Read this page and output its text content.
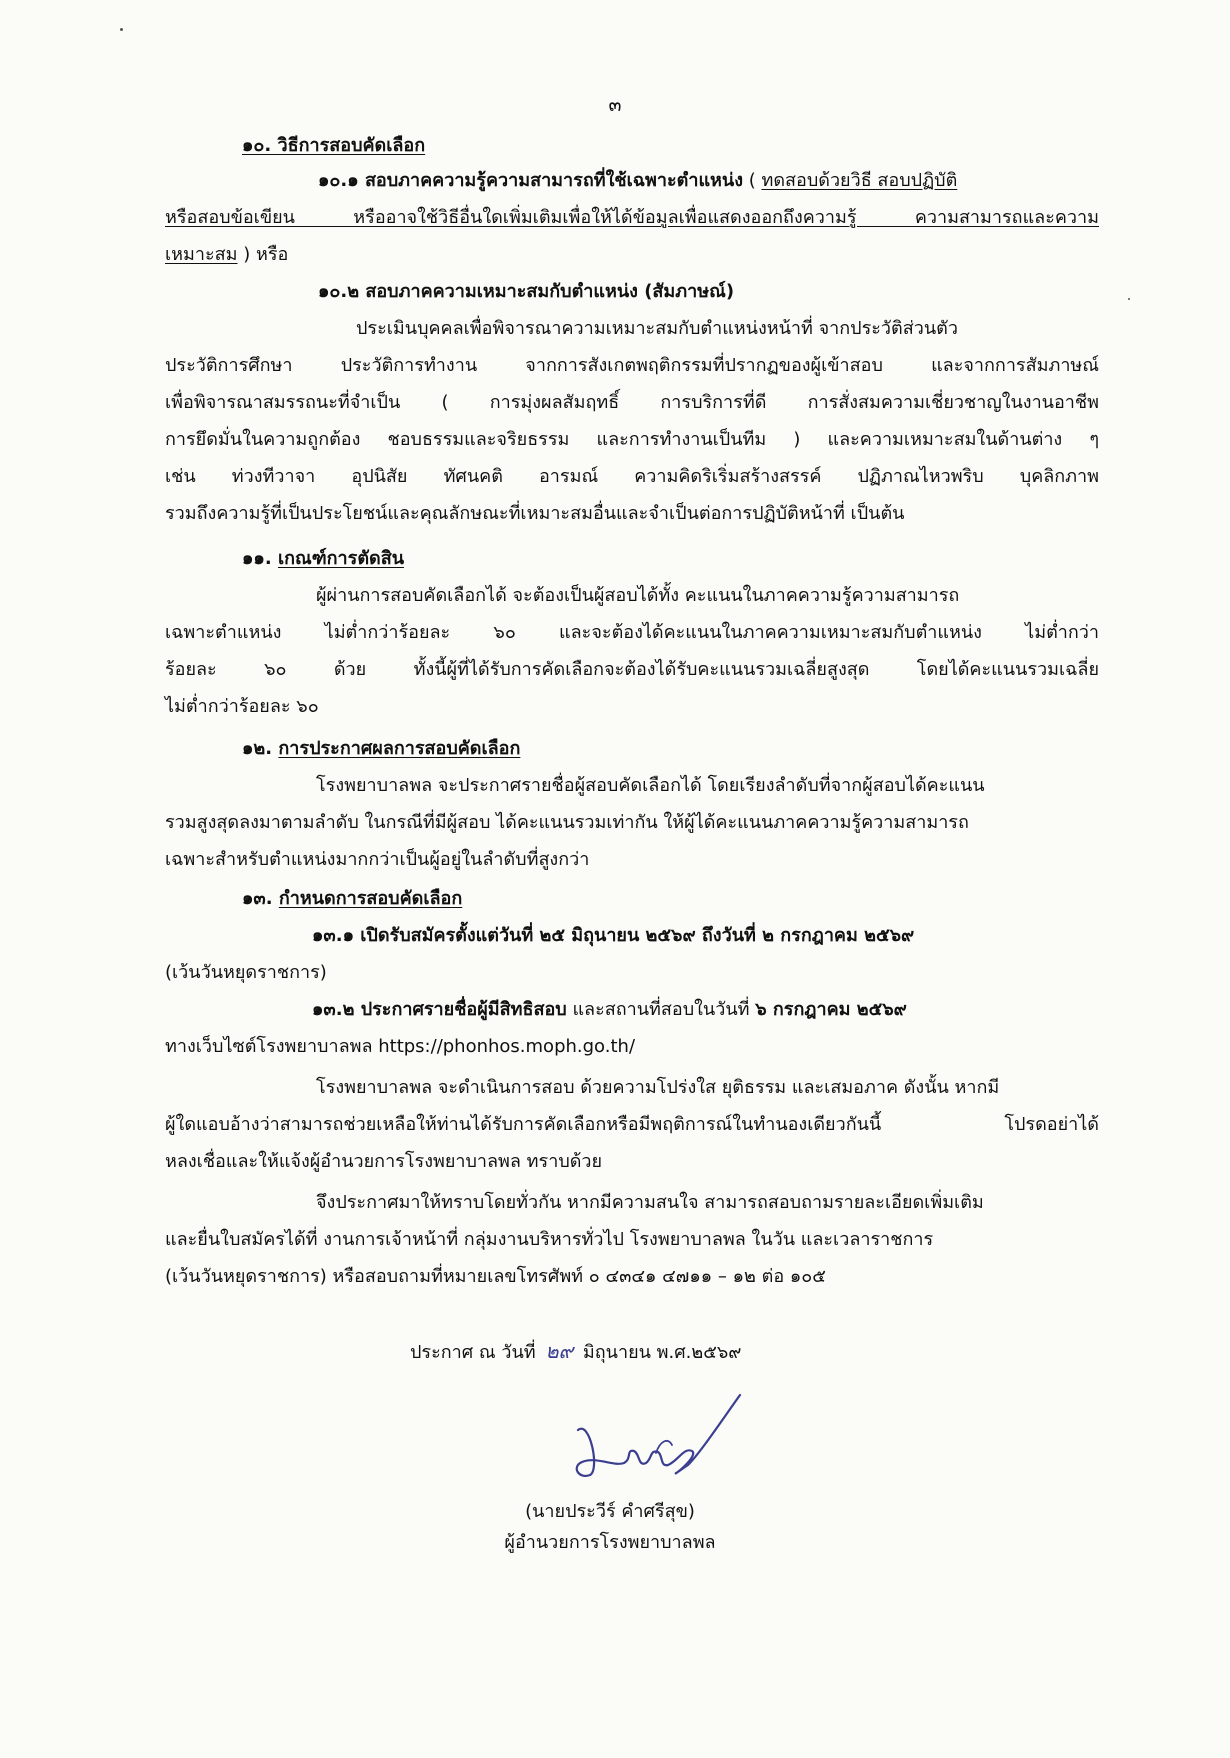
๓
๑๐. วิธีการสอบคัดเลือก
๑๐.๑ สอบภาคความรู้ความสามารถที่ใช้เฉพาะตำแหน่ง ( ทดสอบด้วยวิธี สอบปฏิบัติ
หรือสอบข้อเขียน หรืออาจใช้วิธีอื่นใดเพิ่มเติมเพื่อให้ได้ข้อมูลเพื่อแสดงออกถึงความรู้ ความสามารถและความ
เหมาะสม ) หรือ
๑๐.๒ สอบภาคความเหมาะสมกับตำแหน่ง (สัมภาษณ์)
ประเมินบุคคลเพื่อพิจารณาความเหมาะสมกับตำแหน่งหน้าที่ จากประวัติส่วนตัว
ประวัติการศึกษา ประวัติการทำงาน จากการสังเกตพฤติกรรมที่ปรากฏของผู้เข้าสอบ และจากการสัมภาษณ์
เพื่อพิจารณาสมรรถนะที่จำเป็น ( การมุ่งผลสัมฤทธิ์ การบริการที่ดี การสั่งสมความเชี่ยวชาญในงานอาชีพ
การยึดมั่นในความถูกต้อง ชอบธรรมและจริยธรรม และการทำงานเป็นทีม ) และความเหมาะสมในด้านต่าง ๆ
เช่น ท่วงทีวาจา อุปนิสัย ทัศนคติ อารมณ์ ความคิดริเริ่มสร้างสรรค์ ปฏิภาณไหวพริบ บุคลิกภาพ
รวมถึงความรู้ที่เป็นประโยชน์และคุณลักษณะที่เหมาะสมอื่นและจำเป็นต่อการปฏิบัติหน้าที่ เป็นต้น
๑๑. เกณฑ์การตัดสิน
ผู้ผ่านการสอบคัดเลือกได้ จะต้องเป็นผู้สอบได้ทั้ง คะแนนในภาคความรู้ความสามารถ
เฉพาะตำแหน่ง ไม่ต่ำกว่าร้อยละ ๖๐ และจะต้องได้คะแนนในภาคความเหมาะสมกับตำแหน่ง ไม่ต่ำกว่า
ร้อยละ ๖๐ ด้วย ทั้งนี้ผู้ที่ได้รับการคัดเลือกจะต้องได้รับคะแนนรวมเฉลี่ยสูงสุด โดยได้คะแนนรวมเฉลี่ย
ไม่ต่ำกว่าร้อยละ ๖๐
๑๒. การประกาศผลการสอบคัดเลือก
โรงพยาบาลพล จะประกาศรายชื่อผู้สอบคัดเลือกได้ โดยเรียงลำดับที่จากผู้สอบได้คะแนน
รวมสูงสุดลงมาตามลำดับ ในกรณีที่มีผู้สอบ ได้คะแนนรวมเท่ากัน ให้ผู้ได้คะแนนภาคความรู้ความสามารถ
เฉพาะสำหรับตำแหน่งมากกว่าเป็นผู้อยู่ในลำดับที่สูงกว่า
๑๓. กำหนดการสอบคัดเลือก
๑๓.๑ เปิดรับสมัครตั้งแต่วันที่ ๒๕ มิถุนายน ๒๕๖๙ ถึงวันที่ ๒ กรกฎาคม ๒๕๖๙
(เว้นวันหยุดราชการ)
๑๓.๒ ประกาศรายชื่อผู้มีสิทธิสอบ และสถานที่สอบในวันที่ ๖ กรกฎาคม ๒๕๖๙
ทางเว็บไซต์โรงพยาบาลพล https://phonhos.moph.go.th/
โรงพยาบาลพล จะดำเนินการสอบ ด้วยความโปร่งใส ยุติธรรม และเสมอภาค ดังนั้น หากมี
ผู้ใดแอบอ้างว่าสามารถช่วยเหลือให้ท่านได้รับการคัดเลือกหรือมีพฤติการณ์ในทำนองเดียวกันนี้ โปรดอย่าได้
หลงเชื่อและให้แจ้งผู้อำนวยการโรงพยาบาลพล ทราบด้วย
จึงประกาศมาให้ทราบโดยทั่วกัน หากมีความสนใจ สามารถสอบถามรายละเอียดเพิ่มเติม
และยื่นใบสมัครได้ที่ งานการเจ้าหน้าที่ กลุ่มงานบริหารทั่วไป โรงพยาบาลพล ในวัน และเวลาราชการ
(เว้นวันหยุดราชการ) หรือสอบถามที่หมายเลขโทรศัพท์ ๐ ๔๓๔๑ ๔๗๑๑ – ๑๒ ต่อ ๑๐๕
ประกาศ ณ วันที่ ๒๙ มิถุนายน พ.ศ.๒๕๖๙
(นายประวีร์ คำศรีสุข)
ผู้อำนวยการโรงพยาบาลพล
